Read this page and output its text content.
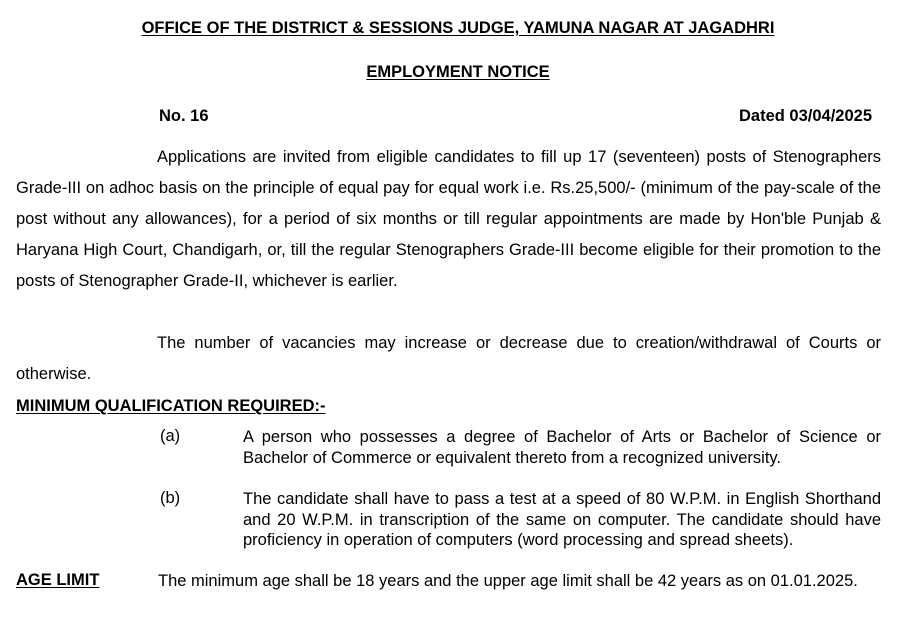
OFFICE OF THE DISTRICT & SESSIONS JUDGE, YAMUNA NAGAR AT JAGADHRI
EMPLOYMENT NOTICE
No. 16	Dated 03/04/2025

Applications are invited from eligible candidates to fill up 17 (seventeen) posts of Stenographers Grade-III on adhoc basis on the principle of equal pay for equal work i.e. Rs.25,500/- (minimum of the pay-scale of the post without any allowances), for a period of six months or till regular appointments are made by Hon'ble Punjab & Haryana High Court, Chandigarh, or, till the regular Stenographers Grade-III become eligible for their promotion to the posts of Stenographer Grade-II, whichever is earlier.

The number of vacancies may increase or decrease due to creation/withdrawal of Courts or otherwise.

MINIMUM QUALIFICATION REQUIRED:-
(a)	A person who possesses a degree of Bachelor of Arts or Bachelor of Science or Bachelor of Commerce or equivalent thereto from a recognized university.

(b)	The candidate shall have to pass a test at a speed of 80 W.P.M. in English Shorthand and 20 W.P.M. in transcription of the same on computer. The candidate should have proficiency in operation of computers (word processing and spread sheets).

AGE LIMIT	The minimum age shall be 18 years and the upper age limit shall be 42 years as on 01.01.2025.
